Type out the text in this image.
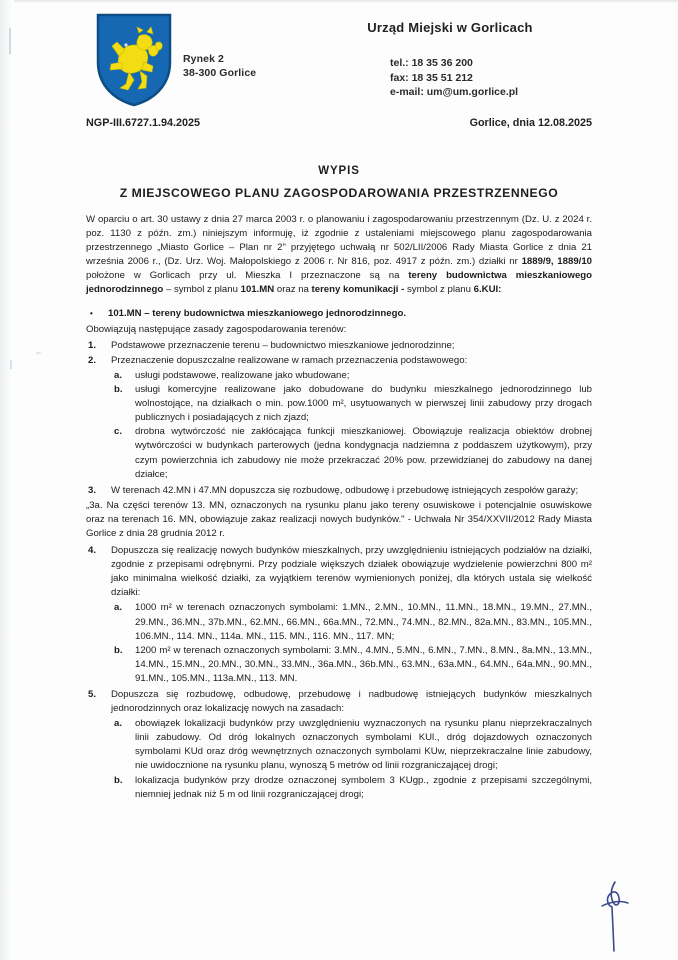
Rynek 2
38-300 Gorlice
Urząd Miejski w Gorlicach
tel.: 18 35 36 200
fax: 18 35 51 212
e-mail: um@um.gorlice.pl
NGP-III.6727.1.94.2025	Gorlice, dnia 12.08.2025
WYPIS
Z MIEJSCOWEGO PLANU ZAGOSPODAROWANIA PRZESTRZENNEGO

W oparciu o art. 30 ustawy z dnia 27 marca 2003 r. o planowaniu i zagospodarowaniu przestrzennym (Dz. U. z 2024 r. poz. 1130 z późn. zm.) niniejszym informuję, iż zgodnie z ustaleniami miejscowego planu zagospodarowania przestrzennego „Miasto Gorlice – Plan nr 2" przyjętego uchwałą nr 502/LII/2006 Rady Miasta Gorlice z dnia 21 września 2006 r., (Dz. Urz. Woj. Małopolskiego z 2006 r. Nr 816, poz. 4917 z późn. zm.) działki nr 1889/9, 1889/10 położone w Gorlicach przy ul. Mieszka I przeznaczone są na tereny budownictwa mieszkaniowego jednorodzinnego – symbol z planu 101.MN oraz na tereny komunikacji - symbol z planu 6.KUI:

•	101.MN – tereny budownictwa mieszkaniowego jednorodzinnego.
Obowiązują następujące zasady zagospodarowania terenów:
1.	Podstawowe przeznaczenie terenu – budownictwo mieszkaniowe jednorodzinne;
2.	Przeznaczenie dopuszczalne realizowane w ramach przeznaczenia podstawowego:
a.	usługi podstawowe, realizowane jako wbudowane;
b.	usługi komercyjne realizowane jako dobudowane do budynku mieszkalnego jednorodzinnego lub wolnostojące, na działkach o min. pow.1000 m², usytuowanych w pierwszej linii zabudowy przy drogach publicznych i posiadających z nich zjazd;
c.	drobna wytwórczość nie zakłócająca funkcji mieszkaniowej. Obowiązuje realizacja obiektów drobnej wytwórczości w budynkach parterowych (jedna kondygnacja nadziemna z poddaszem użytkowym), przy czym powierzchnia ich zabudowy nie może przekraczać 20% pow. przewidzianej do zabudowy na danej działce;
3.	W terenach 42.MN i 47.MN dopuszcza się rozbudowę, odbudowę i przebudowę istniejących zespołów garaży;
„3a. Na części terenów 13. MN, oznaczonych na rysunku planu jako tereny osuwiskowe i potencjalnie osuwiskowe oraz na terenach 16. MN, obowiązuje zakaz realizacji nowych budynków." - Uchwała Nr 354/XXVII/2012 Rady Miasta Gorlice z dnia 28 grudnia 2012 r.
4.	Dopuszcza się realizację nowych budynków mieszkalnych, przy uwzględnieniu istniejących podziałów na działki, zgodnie z przepisami odrębnymi. Przy podziale większych działek obowiązuje wydzielenie powierzchni 800 m² jako minimalna wielkość działki, za wyjątkiem terenów wymienionych poniżej, dla których ustala się wielkość działki:
a.	1000 m² w terenach oznaczonych symbolami: 1.MN., 2.MN., 10.MN., 11.MN., 18.MN., 19.MN., 27.MN., 29.MN., 36.MN., 37b.MN., 62.MN., 66.MN., 66a.MN., 72.MN., 74.MN., 82.MN., 82a.MN., 83.MN., 105.MN., 106.MN., 114. MN., 114a. MN., 115. MN., 116. MN., 117. MN;
b.	1200 m² w terenach oznaczonych symbolami: 3.MN., 4.MN., 5.MN., 6.MN., 7.MN., 8.MN., 8a.MN., 13.MN., 14.MN., 15.MN., 20.MN., 30.MN., 33.MN., 36a.MN., 36b.MN., 63.MN., 63a.MN., 64.MN., 64a.MN., 90.MN., 91.MN., 105.MN., 113a.MN., 113. MN.
5.	Dopuszcza się rozbudowę, odbudowę, przebudowę i nadbudowę istniejących budynków mieszkalnych jednorodzinnych oraz lokalizację nowych na zasadach:
a.	obowiązek lokalizacji budynków przy uwzględnieniu wyznaczonych na rysunku planu nieprzekraczalnych linii zabudowy. Od dróg lokalnych oznaczonych symbolami KUl., dróg dojazdowych oznaczonych symbolami KUd oraz dróg wewnętrznych oznaczonych symbolami KUw, nieprzekraczalne linie zabudowy, nie uwidocznione na rysunku planu, wynoszą 5 metrów od linii rozgraniczającej drogi;
b.	lokalizacja budynków przy drodze oznaczonej symbolem 3 KUgp., zgodnie z przepisami szczególnymi, niemniej jednak niż 5 m od linii rozgraniczającej drogi;
